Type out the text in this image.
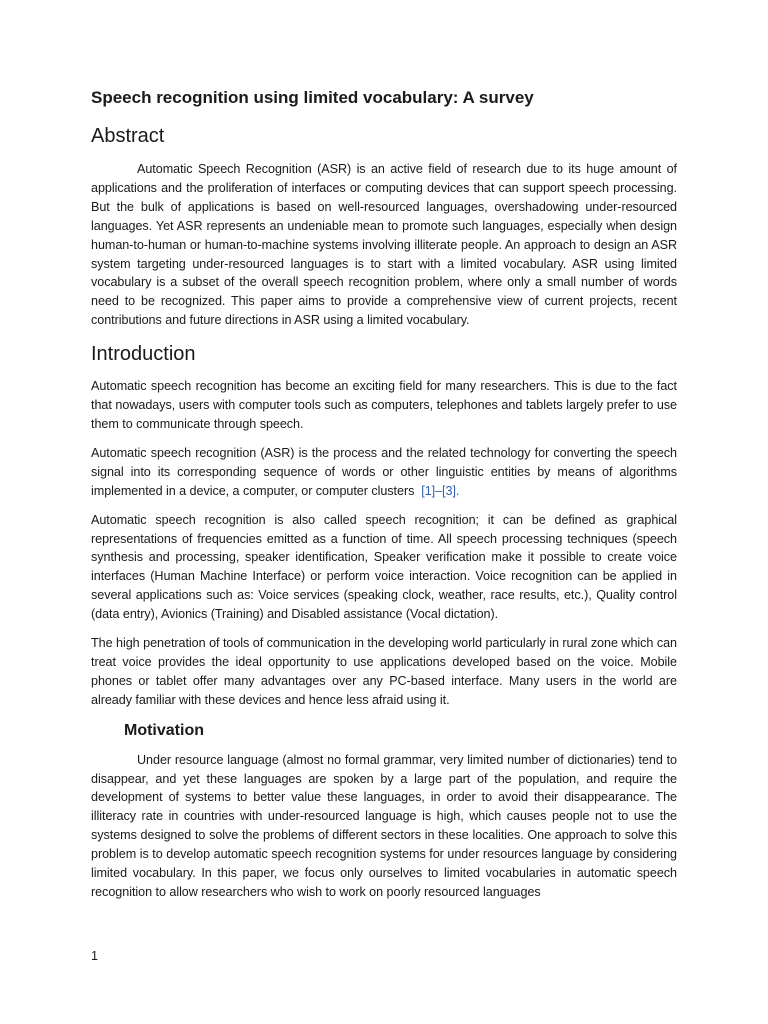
Speech recognition using limited vocabulary: A survey
Abstract

Automatic Speech Recognition (ASR) is an active field of research due to its huge amount of applications and the proliferation of interfaces or computing devices that can support speech processing. But the bulk of applications is based on well-resourced languages, overshadowing under-resourced languages. Yet ASR represents an undeniable mean to promote such languages, especially when design human-to-human or human-to-machine systems involving illiterate people. An approach to design an ASR system targeting under-resourced languages is to start with a limited vocabulary. ASR using limited vocabulary is a subset of the overall speech recognition problem, where only a small number of words need to be recognized. This paper aims to provide a comprehensive view of current projects, recent contributions and future directions in ASR using a limited vocabulary.

Introduction

Automatic speech recognition has become an exciting field for many researchers. This is due to the fact that nowadays, users with computer tools such as computers, telephones and tablets largely prefer to use them to communicate through speech.

Automatic speech recognition (ASR) is the process and the related technology for converting the speech signal into its corresponding sequence of words or other linguistic entities by means of algorithms implemented in a device, a computer, or computer clusters [1]–[3].

Automatic speech recognition is also called speech recognition; it can be defined as graphical representations of frequencies emitted as a function of time. All speech processing techniques (speech synthesis and processing, speaker identification, Speaker verification make it possible to create voice interfaces (Human Machine Interface) or perform voice interaction. Voice recognition can be applied in several applications such as: Voice services (speaking clock, weather, race results, etc.), Quality control (data entry), Avionics (Training) and Disabled assistance (Vocal dictation).

The high penetration of tools of communication in the developing world particularly in rural zone which can treat voice provides the ideal opportunity to use applications developed based on the voice. Mobile phones or tablet offer many advantages over any PC-based interface. Many users in the world are already familiar with these devices and hence less afraid using it.

Motivation

Under resource language (almost no formal grammar, very limited number of dictionaries) tend to disappear, and yet these languages are spoken by a large part of the population, and require the development of systems to better value these languages, in order to avoid their disappearance. The illiteracy rate in countries with under-resourced language is high, which causes people not to use the systems designed to solve the problems of different sectors in these localities. One approach to solve this problem is to develop automatic speech recognition systems for under resources language by considering limited vocabulary. In this paper, we focus only ourselves to limited vocabularies in automatic speech recognition to allow researchers who wish to work on poorly resourced languages

1
